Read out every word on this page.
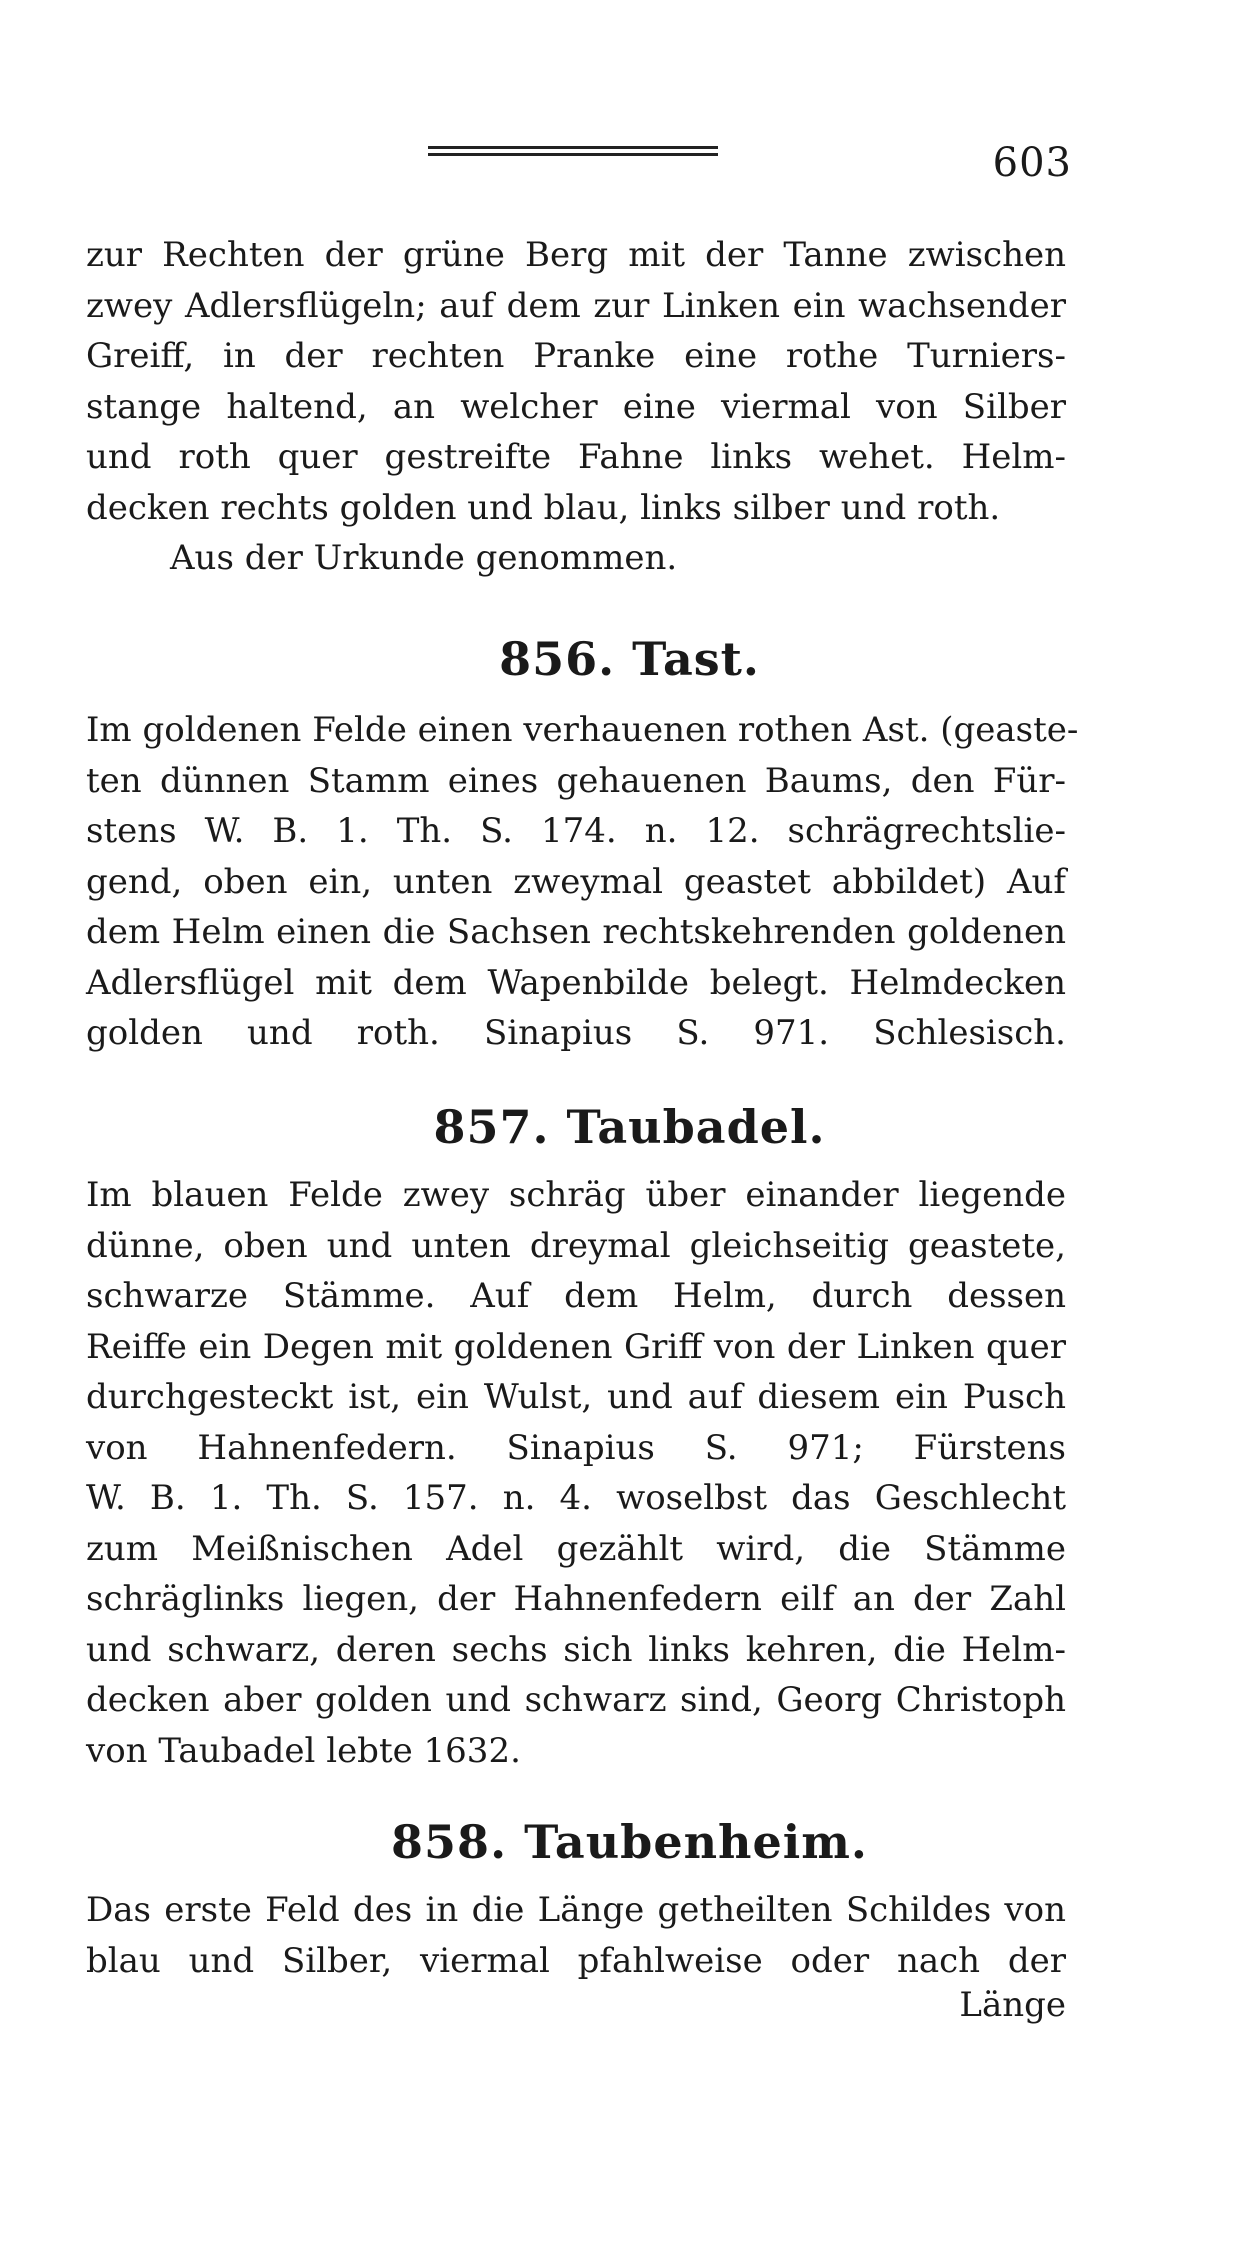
603
zur Rechten der grüne Berg mit der Tanne zwischen
zwey Adlersflügeln; auf dem zur Linken ein wachsender
Greiff, in der rechten Pranke eine rothe Turniers-
stange haltend, an welcher eine viermal von Silber
und roth quer gestreifte Fahne links wehet. Helm-
decken rechts golden und blau, links silber und roth.
Aus der Urkunde genommen.
856. Tast.
Im goldenen Felde einen verhauenen rothen Ast. (geaste-
ten dünnen Stamm eines gehauenen Baums, den Für-
stens W. B. 1. Th. S. 174. n. 12. schrägrechtslie-
gend, oben ein, unten zweymal geastet abbildet) Auf
dem Helm einen die Sachsen rechtskehrenden goldenen
Adlersflügel mit dem Wapenbilde belegt. Helmdecken
golden und roth. Sinapius S. 971. Schlesisch.
857. Taubadel.
Im blauen Felde zwey schräg über einander liegende
dünne, oben und unten dreymal gleichseitig geastete,
schwarze Stämme. Auf dem Helm, durch dessen
Reiffe ein Degen mit goldenen Griff von der Linken quer
durchgesteckt ist, ein Wulst, und auf diesem ein Pusch
von Hahnenfedern. Sinapius S. 971; Fürstens
W. B. 1. Th. S. 157. n. 4. woselbst das Geschlecht
zum Meißnischen Adel gezählt wird, die Stämme
schräglinks liegen, der Hahnenfedern eilf an der Zahl
und schwarz, deren sechs sich links kehren, die Helm-
decken aber golden und schwarz sind, Georg Christoph
von Taubadel lebte 1632.
858. Taubenheim.
Das erste Feld des in die Länge getheilten Schildes von
blau und Silber, viermal pfahlweise oder nach der
Länge
